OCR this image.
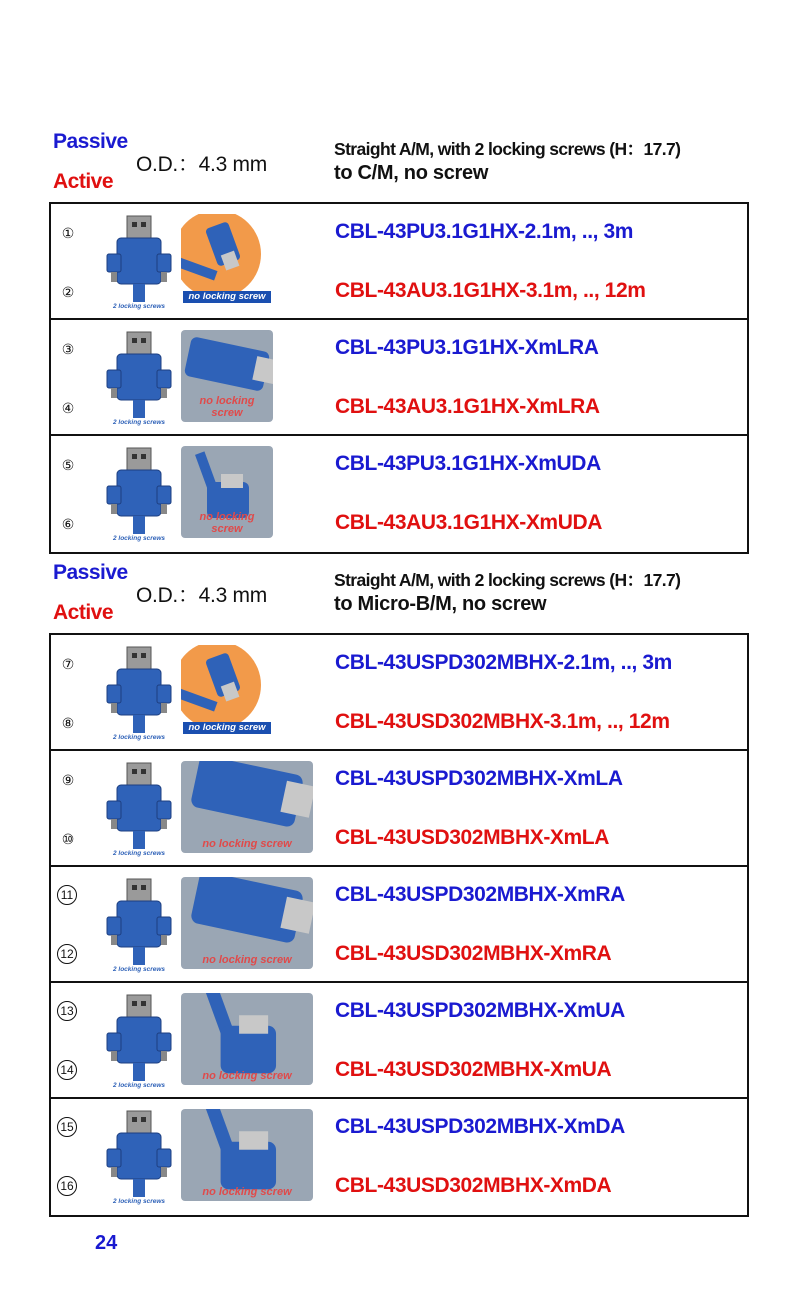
Passive
Active
O.D.：4.3 mm
Straight A/M, with 2 locking screws (H：17.7)
to C/M, no screw
①
②
2 locking screws
no locking screw
CBL-43PU3.1G1HX-2.1m, .., 3m
CBL-43AU3.1G1HX-3.1m, .., 12m
③
④
2 locking screws
no locking screw
CBL-43PU3.1G1HX-XmLRA
CBL-43AU3.1G1HX-XmLRA
⑤
⑥
2 locking screws
no locking screw
CBL-43PU3.1G1HX-XmUDA
CBL-43AU3.1G1HX-XmUDA
Passive
Active
O.D.：4.3 mm
Straight A/M, with 2 locking screws (H：17.7)
to Micro-B/M, no screw
⑦
⑧
2 locking screws
no locking screw
CBL-43USPD302MBHX-2.1m, .., 3m
CBL-43USD302MBHX-3.1m, .., 12m
⑨
⑩
2 locking screws
no locking screw
CBL-43USPD302MBHX-XmLA
CBL-43USD302MBHX-XmLA
11
12
2 locking screws
no locking screw
CBL-43USPD302MBHX-XmRA
CBL-43USD302MBHX-XmRA
13
14
2 locking screws
no locking screw
CBL-43USPD302MBHX-XmUA
CBL-43USD302MBHX-XmUA
15
16
2 locking screws
no locking screw
CBL-43USPD302MBHX-XmDA
CBL-43USD302MBHX-XmDA
24
